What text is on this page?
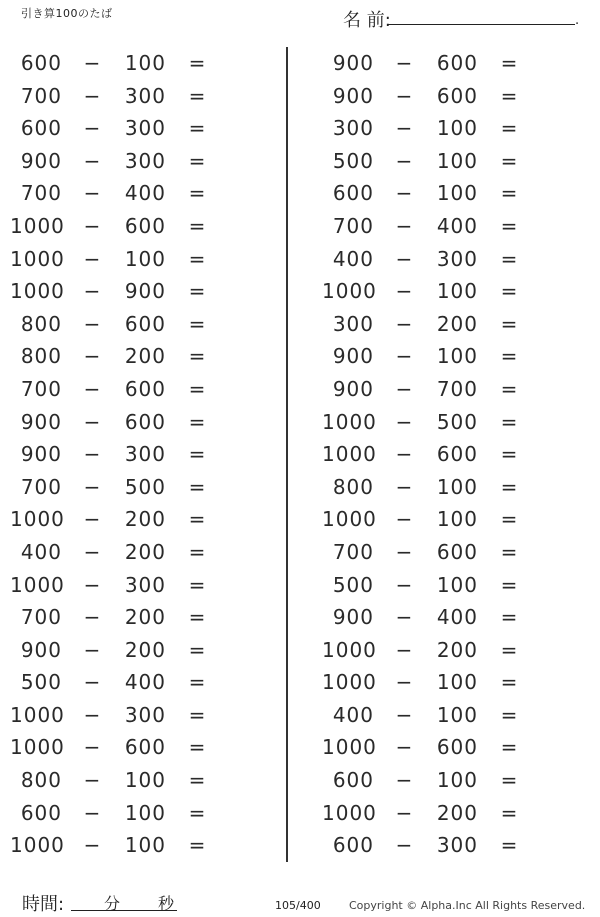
引き算100のたば	名 前:	.
600 − 100 =
700 − 300 =
600 − 300 =
900 − 300 =
700 − 400 =
1000 − 600 =
1000 − 100 =
1000 − 900 =
800 − 600 =
800 − 200 =
700 − 600 =
900 − 600 =
900 − 300 =
700 − 500 =
1000 − 200 =
400 − 200 =
1000 − 300 =
700 − 200 =
900 − 200 =
500 − 400 =
1000 − 300 =
1000 − 600 =
800 − 100 =
600 − 100 =
1000 − 100 =
900 − 600 =
900 − 600 =
300 − 100 =
500 − 100 =
600 − 100 =
700 − 400 =
400 − 300 =
1000 − 100 =
300 − 200 =
900 − 100 =
900 − 700 =
1000 − 500 =
1000 − 600 =
800 − 100 =
1000 − 100 =
700 − 600 =
500 − 100 =
900 − 400 =
1000 − 200 =
1000 − 100 =
400 − 100 =
1000 − 600 =
600 − 100 =
1000 − 200 =
600 − 300 =
時間: 分 秒	105/400	Copyright © Alpha.Inc All Rights Reserved.
